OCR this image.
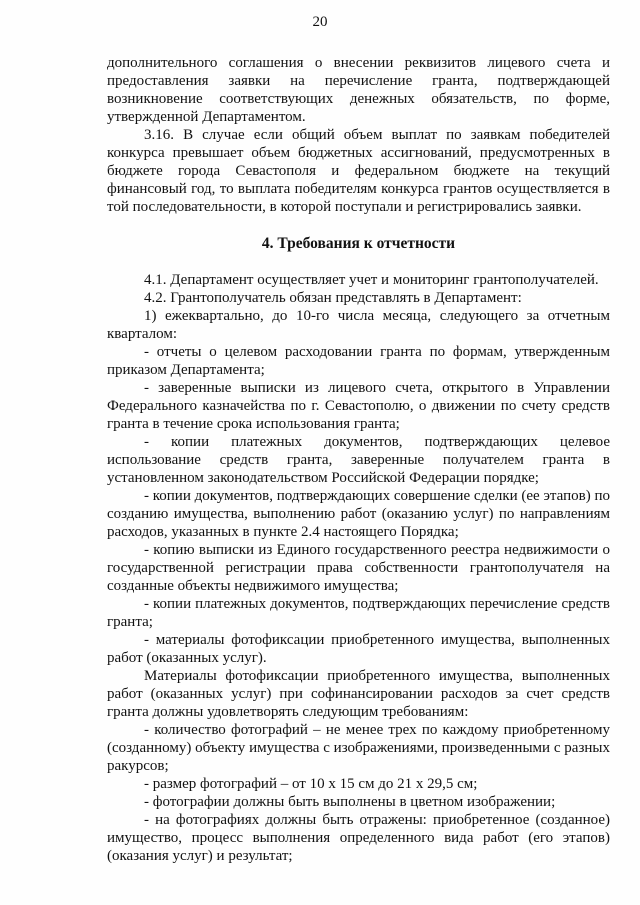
20

дополнительного соглашения о внесении реквизитов лицевого счета и предоставления заявки на перечисление гранта, подтверждающей возникновение соответствующих денежных обязательств, по форме, утвержденной Департаментом.

3.16. В случае если общий объем выплат по заявкам победителей конкурса превышает объем бюджетных ассигнований, предусмотренных в бюджете города Севастополя и федеральном бюджете на текущий финансовый год, то выплата победителям конкурса грантов осуществляется в той последовательности, в которой поступали и регистрировались заявки.

4. Требования к отчетности

4.1. Департамент осуществляет учет и мониторинг грантополучателей.

4.2. Грантополучатель обязан представлять в Департамент:

1) ежеквартально, до 10-го числа месяца, следующего за отчетным кварталом:

- отчеты о целевом расходовании гранта по формам, утвержденным приказом Департамента;

- заверенные выписки из лицевого счета, открытого в Управлении Федерального казначейства по г. Севастополю, о движении по счету средств гранта в течение срока использования гранта;

- копии платежных документов, подтверждающих целевое использование средств гранта, заверенные получателем гранта в установленном законодательством Российской Федерации порядке;

- копии документов, подтверждающих совершение сделки (ее этапов) по созданию имущества, выполнению работ (оказанию услуг) по направлениям расходов, указанных в пункте 2.4 настоящего Порядка;

- копию выписки из Единого государственного реестра недвижимости о государственной регистрации права собственности грантополучателя на созданные объекты недвижимого имущества;

- копии платежных документов, подтверждающих перечисление средств гранта;

- материалы фотофиксации приобретенного имущества, выполненных работ (оказанных услуг).

Материалы фотофиксации приобретенного имущества, выполненных работ (оказанных услуг) при софинансировании расходов за счет средств гранта должны удовлетворять следующим требованиям:

- количество фотографий – не менее трех по каждому приобретенному (созданному) объекту имущества с изображениями, произведенными с разных ракурсов;

- размер фотографий – от 10 х 15 см до 21 х 29,5 см;

- фотографии должны быть выполнены в цветном изображении;

- на фотографиях должны быть отражены: приобретенное (созданное) имущество, процесс выполнения определенного вида работ (его этапов) (оказания услуг) и результат;
